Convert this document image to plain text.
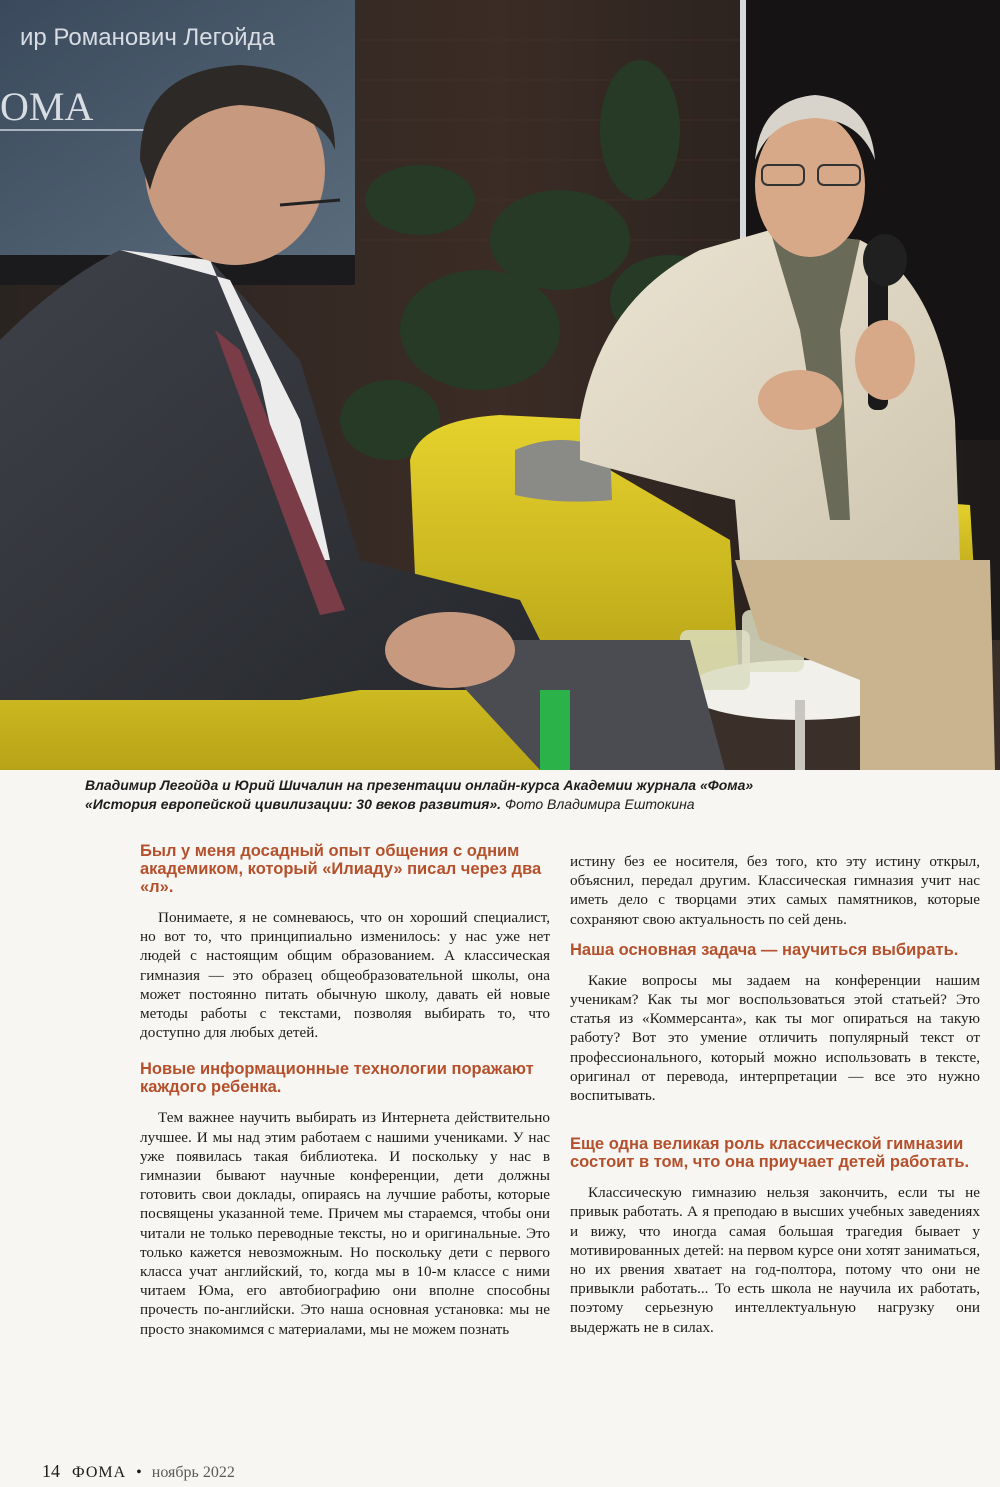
ир Романович Легойда
ОМА
Владимир Легойда и Юрий Шичалин на презентации онлайн-курса Академии журнала «Фома»
«История европейской цивилизации: 30 веков развития». Фото Владимира Ештокина
Был у меня досадный опыт общения с одним академиком, который «Илиаду» писал через два «л».

Понимаете, я не сомневаюсь, что он хороший специалист, но вот то, что принципиально изменилось: у нас уже нет людей с настоящим общим образованием. А классическая гимназия — это образец общеобразовательной школы, она может постоянно питать обычную школу, давать ей новые методы работы с текстами, позволяя выбирать то, что доступно для любых детей.

Новые информационные технологии поражают каждого ребенка.

Тем важнее научить выбирать из Интернета действительно лучшее. И мы над этим работаем с нашими учениками. У нас уже появилась такая библиотека. И поскольку у нас в гимназии бывают научные конференции, дети должны готовить свои доклады, опираясь на лучшие работы, которые посвящены указанной теме. Причем мы стараемся, чтобы они читали не только переводные тексты, но и оригинальные. Это только кажется невозможным. Но поскольку дети с первого класса учат английский, то, когда мы в 10-м классе с ними читаем Юма, его автобиографию они вполне способны прочесть по-английски. Это наша основная установка: мы не просто знакомимся с материалами, мы не можем познать

истину без ее носителя, без того, кто эту истину открыл, объяснил, передал другим. Классическая гимназия учит нас иметь дело с творцами этих самых памятников, которые сохраняют свою актуальность по сей день.

Наша основная задача — научиться выбирать.

Какие вопросы мы задаем на конференции нашим ученикам? Как ты мог воспользоваться этой статьей? Это статья из «Коммерсанта», как ты мог опираться на такую работу? Вот это умение отличить популярный текст от профессионального, который можно использовать в тексте, оригинал от перевода, интерпретации — все это нужно воспитывать.

Еще одна великая роль классической гимназии состоит в том, что она приучает детей работать.

Классическую гимназию нельзя закончить, если ты не привык работать. А я преподаю в высших учебных заведениях и вижу, что иногда самая большая трагедия бывает у мотивированных детей: на первом курсе они хотят заниматься, но их рвения хватает на год-полтора, потому что они не привыкли работать... То есть школа не научила их работать, поэтому серьезную интеллектуальную нагрузку они выдержать не в силах.

14 ФОМА • ноябрь 2022
